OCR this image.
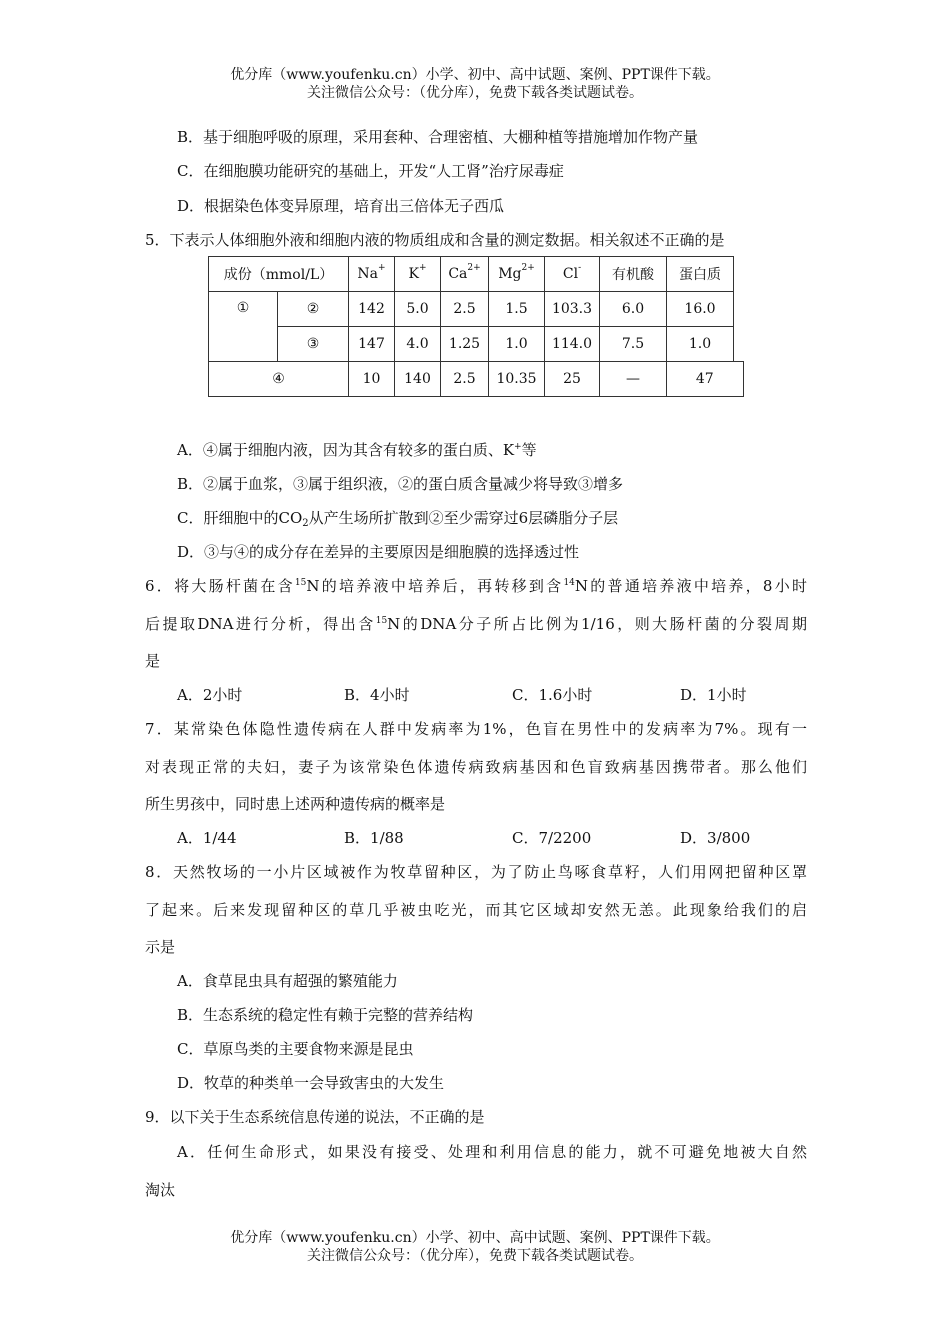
优分库（www.youfenku.cn）小学、初中、高中试题、案例、PPT课件下载。
关注微信公众号：（优分库），免费下载各类试题试卷。
B．基于细胞呼吸的原理，采用套种、合理密植、大棚种植等措施增加作物产量
C．在细胞膜功能研究的基础上，开发“人工肾”治疗尿毒症
D．根据染色体变异原理，培育出三倍体无子西瓜
5．下表示人体细胞外液和细胞内液的物质组成和含量的测定数据。相关叙述不正确的是
成份（mmol/L）		Na+	K+	$Ca^{2+}$	$Mg^{2+}$	Cl-	有机酸	蛋白质	
①	②	142	5.0	2.5	1.5	103.3	6.0	16.0	
	③	147	4.0	1.25	1.0	114.0	7.5	1.0	
④		10	140	2.5	10.35	25	—	47	
A．④属于细胞内液，因为其含有较多的蛋白质、K+等
B．②属于血浆，③属于组织液，②的蛋白质含量减少将导致③增多
C．肝细胞中的$CO_2$从产生场所扩散到②至少需穿过6层磷脂分子层
D．③与④的成分存在差异的主要原因是细胞膜的选择透过性
6．将大肠杆菌在含$^{15}$N的培养液中培养后，再转移到含$^{14}$N的普通培养液中培养，8小时
后提取DNA进行分析，得出含$^{15}$N的DNA分子所占比例为1/16，则大肠杆菌的分裂周期
是
A．2小时	B．4小时	C．1.6小时	D．1小时
7．某常染色体隐性遗传病在人群中发病率为1%，色盲在男性中的发病率为7%。现有一
对表现正常的夫妇，妻子为该常染色体遗传病致病基因和色盲致病基因携带者。那么他们
所生男孩中，同时患上述两种遗传病的概率是
A．1/44	B．1/88	C．7/2200	D．3/800
8．天然牧场的一小片区域被作为牧草留种区，为了防止鸟啄食草籽，人们用网把留种区罩
了起来。后来发现留种区的草几乎被虫吃光，而其它区域却安然无恙。此现象给我们的启
示是
A．食草昆虫具有超强的繁殖能力
B．生态系统的稳定性有赖于完整的营养结构
C．草原鸟类的主要食物来源是昆虫
D．牧草的种类单一会导致害虫的大发生
9．以下关于生态系统信息传递的说法，不正确的是
A．任何生命形式，如果没有接受、处理和利用信息的能力，就不可避免地被大自然
淘汰
优分库（www.youfenku.cn）小学、初中、高中试题、案例、PPT课件下载。
关注微信公众号：（优分库），免费下载各类试题试卷。
